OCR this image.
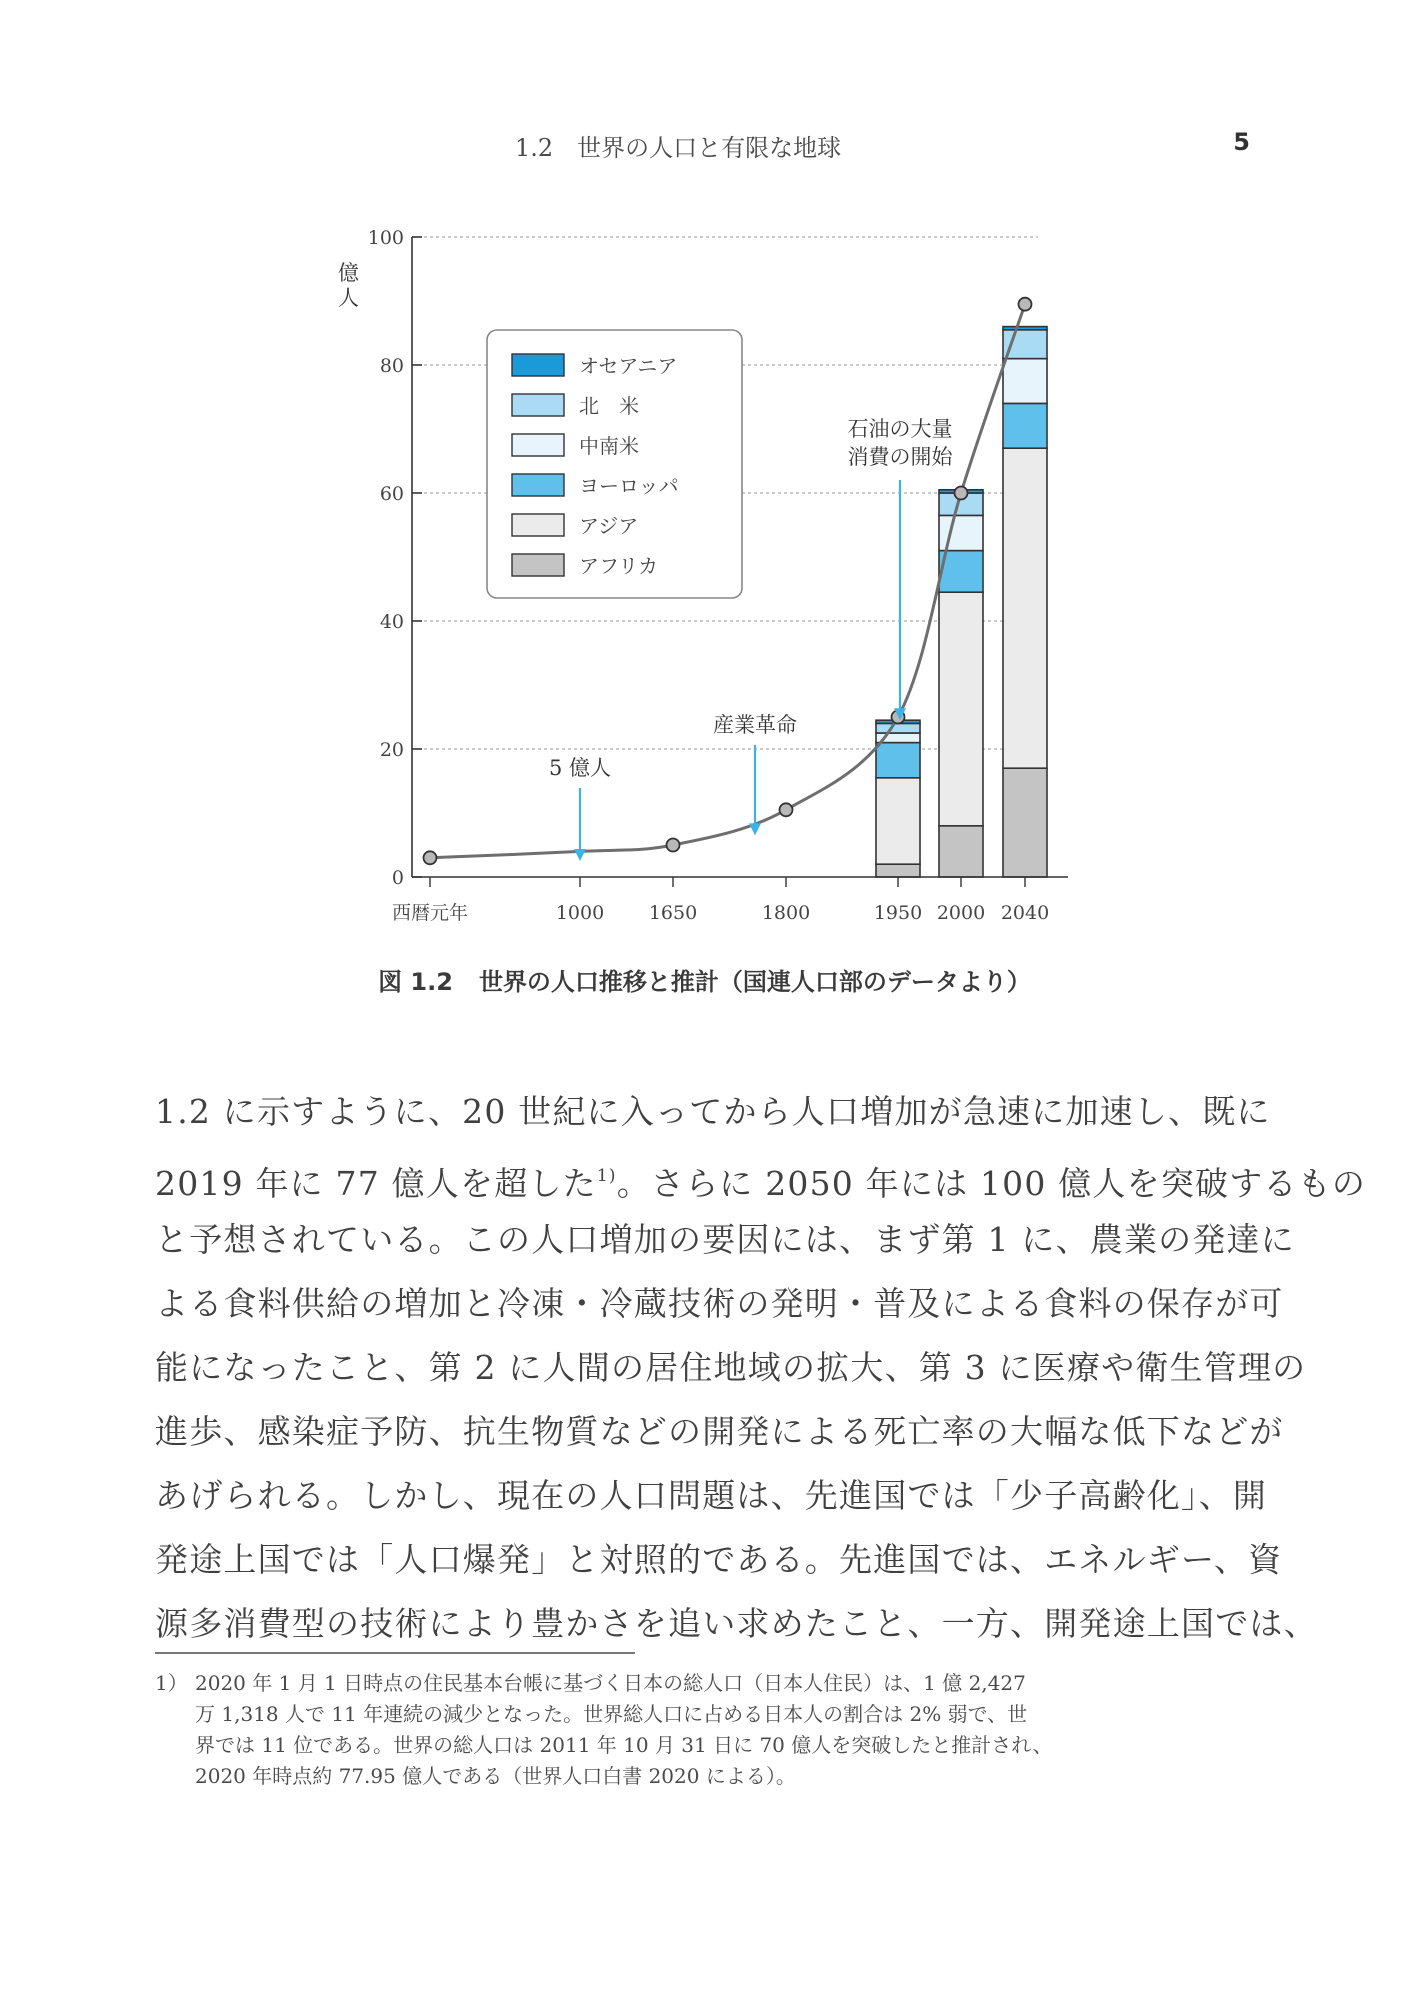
1.2　世界の人口と有限な地球	5
0
20
40
60
80
100
億人
西暦元年	1000 1650	1800	1950 2000 2040
5 億人
産業革命
石油の大量消費の開始
オセアニア
北　米
中南米
ヨーロッパ
アジア
アフリカ
図 1.2 世界の人口推移と推計（国連人口部のデータより）
1.2 に示すように、20 世紀に入ってから人口増加が急速に加速し、既に
2019 年に 77 億人を超した$^{1)}$。さらに 2050 年には 100 億人を突破するもの
と予想されている。この人口増加の要因には、まず第 1 に、農業の発達に
よる食料供給の増加と冷凍・冷蔵技術の発明・普及による食料の保存が可
能になったこと、第 2 に人間の居住地域の拡大、第 3 に医療や衛生管理の
進歩、感染症予防、抗生物質などの開発による死亡率の大幅な低下などが
あげられる。しかし、現在の人口問題は、先進国では「少子高齢化」、開
発途上国では「人口爆発」と対照的である。先進国では、エネルギー、資
源多消費型の技術により豊かさを追い求めたこと、一方、開発途上国では、
1） 2020 年 1 月 1 日時点の住民基本台帳に基づく日本の総人口（日本人住民）は、1 億 2,427
万 1,318 人で 11 年連続の減少となった。世界総人口に占める日本人の割合は 2% 弱で、世
界では 11 位である。世界の総人口は 2011 年 10 月 31 日に 70 億人を突破したと推計され、
2020 年時点約 77.95 億人である（世界人口白書 2020 による）。
